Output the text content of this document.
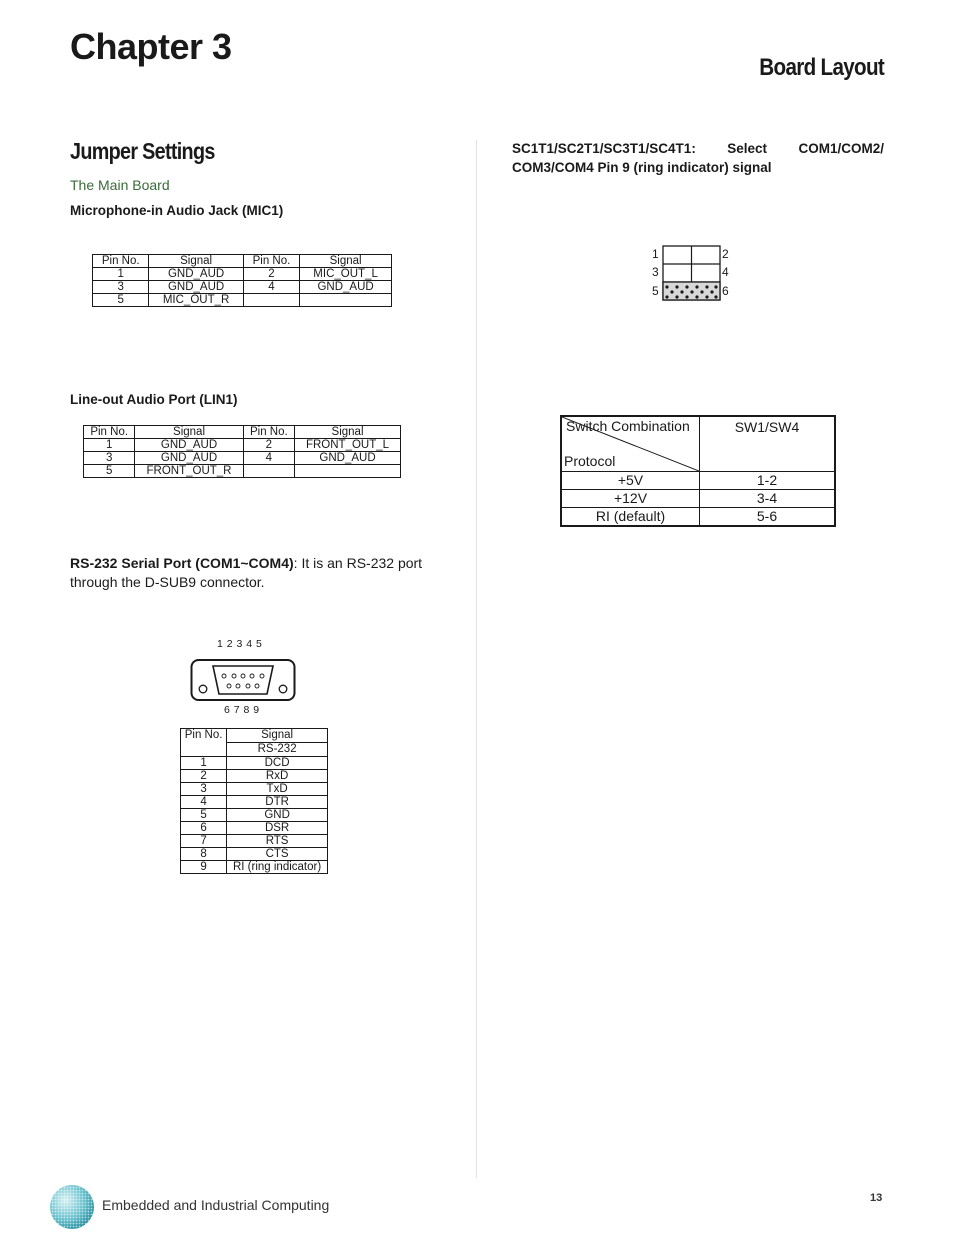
Chapter 3
Board Layout
Jumper Settings
The Main Board
Microphone-in Audio Jack (MIC1)
Pin No.	Signal	Pin No.	Signal
1	GND_AUD	2	MIC_OUT_L
3	GND_AUD	4	GND_AUD
5	MIC_OUT_R		
Line-out Audio Port (LIN1)
Pin No.	Signal	Pin No.	Signal
1	GND_AUD	2	FRONT_OUT_L
3	GND_AUD	4	GND_AUD
5	FRONT_OUT_R		
RS-232 Serial Port (COM1~COM4): It is an RS-232 port through the D-SUB9 connector.
1 2 3 4 5
6 7 8 9
Pin No.	Signal
RS-232

1	DCD
2	RxD
3	TxD
4	DTR
5	GND
6	DSR
7	RTS
8	CTS
9	RI (ring indicator)
SC1T1/SC2T1/SC3T1/SC4T1: Select COM1/COM2/
COM3/COM4 Pin 9 (ring indicator) signal
1
3
5
2
4
6
Switch Combination
Protocol	SW1/SW4
+5V	1-2
+12V	3-4
RI (default)	5-6
Embedded and Industrial Computing	13
